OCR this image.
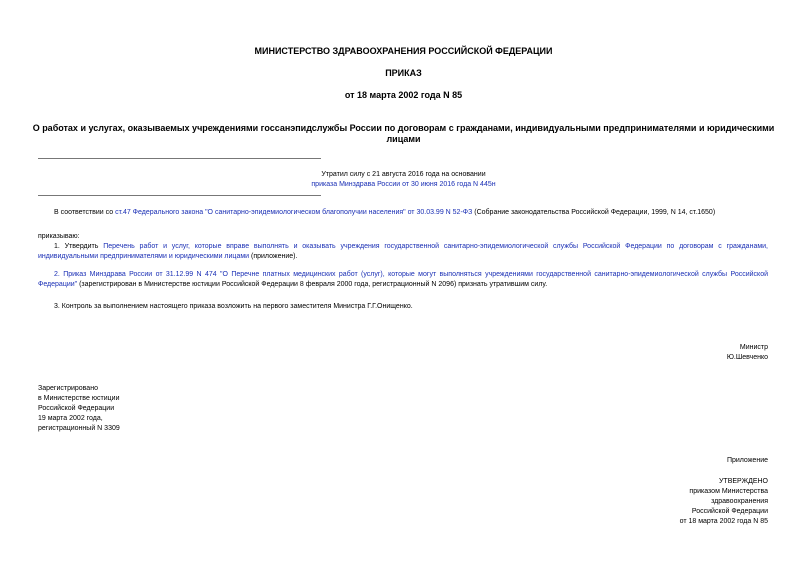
МИНИСТЕРСТВО ЗДРАВООХРАНЕНИЯ РОССИЙСКОЙ ФЕДЕРАЦИИ
ПРИКАЗ
от 18 марта 2002 года N 85
О работах и услугах, оказываемых учреждениями госсанэпидслужбы России по договорам с гражданами, индивидуальными предпринимателями и юридическими лицами
Утратил силу с 21 августа 2016 года на основании
приказа Минздрава России от 30 июня 2016 года N 445н
В соответствии со ст.47 Федерального закона "О санитарно-эпидемиологическом благополучии населения" от 30.03.99 N 52-ФЗ (Собрание законодательства Российской Федерации, 1999, N 14, ст.1650)
приказываю:
1. Утвердить Перечень работ и услуг, которые вправе выполнять и оказывать учреждения государственной санитарно-эпидемиологической службы Российской Федерации по договорам с гражданами, индивидуальными предпринимателями и юридическими лицами (приложение).
2. Приказ Минздрава России от 31.12.99 N 474 "О Перечне платных медицинских работ (услуг), которые могут выполняться учреждениями государственной санитарно-эпидемиологической службы Российской Федерации" (зарегистрирован в Министерстве юстиции Российской Федерации 8 февраля 2000 года, регистрационный N 2096) признать утратившим силу.
3. Контроль за выполнением настоящего приказа возложить на первого заместителя Министра Г.Г.Онищенко.
Министр
Ю.Шевченко
Зарегистрировано
в Министерстве юстиции
Российской Федерации
19 марта 2002 года,
регистрационный N 3309
Приложение
УТВЕРЖДЕНО
приказом Министерства
здравоохранения
Российской Федерации
от 18 марта 2002 года N 85
